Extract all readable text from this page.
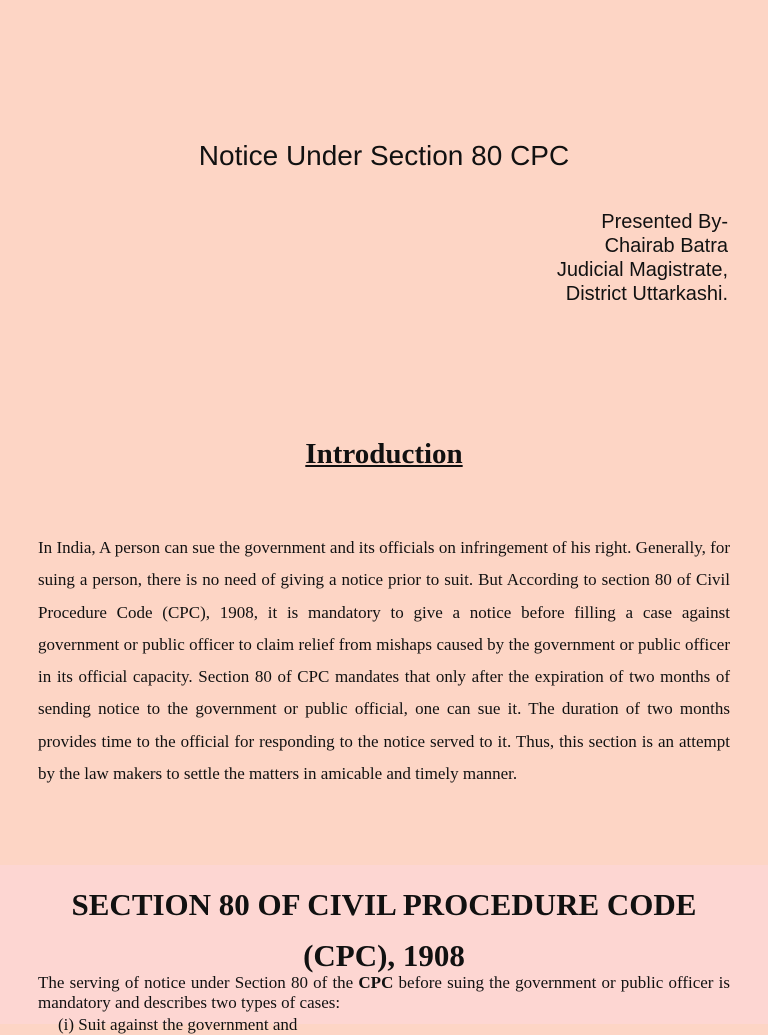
Notice Under Section 80 CPC
Presented By-
Chairab Batra
Judicial Magistrate,
District Uttarkashi.
Introduction
In India, A person can sue the government and its officials on infringement of his right. Generally, for suing a person, there is no need of giving a notice prior to suit. But According to section 80 of Civil Procedure Code (CPC), 1908, it is mandatory to give a notice before filling a case against government or public officer to claim relief from mishaps caused by the government or public officer in its official capacity. Section 80 of CPC mandates that only after the expiration of two months of sending notice to the government or public official, one can sue it. The duration of two months provides time to the official for responding to the notice served to it. Thus, this section is an attempt by the law makers to settle the matters in amicable and timely manner.
SECTION 80 OF CIVIL PROCEDURE CODE (CPC), 1908
The serving of notice under Section 80 of the CPC before suing the government or public officer is mandatory and describes two types of cases:
(i) Suit against the government and
